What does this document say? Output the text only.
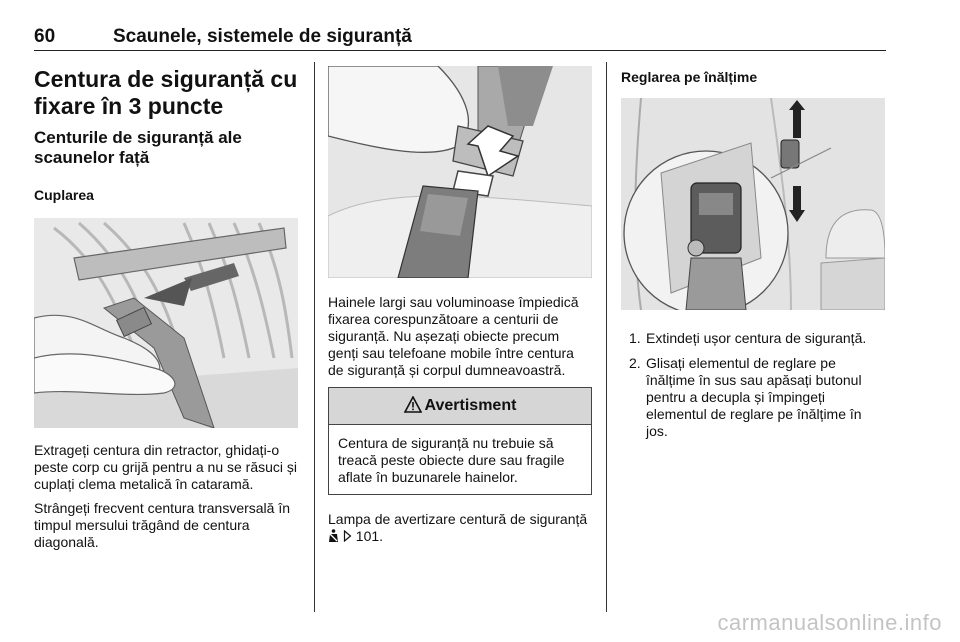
60	Scaunele, sistemele de siguranță
Centura de siguranță cu fixare în 3 puncte
Centurile de siguranță ale scaunelor față
Cuplarea

Extrageți centura din retractor, ghidați-o peste corp cu grijă pentru a nu se răsuci și cuplați clema metalică în cataramă.

Strângeți frecvent centura transversală în timpul mersului trăgând de centura diagonală.

Hainele largi sau voluminoase împiedică fixarea corespunzătoare a centurii de siguranță. Nu așezați obiecte precum genți sau telefoane mobile între centura de siguranță și corpul dumneavoastră.

Avertisment
Centura de siguranță nu trebuie să treacă peste obiecte dure sau fragile aflate în buzunarele hainelor.

Lampa de avertizare centură de siguranță   101.

Reglarea pe înălțime
1. Extindeți ușor centura de siguranță.
2. Glisați elementul de reglare pe înălțime în sus sau apăsați butonul pentru a decupla și împingeți elementul de reglare pe înălțime în jos.
carmanualsonline.info
